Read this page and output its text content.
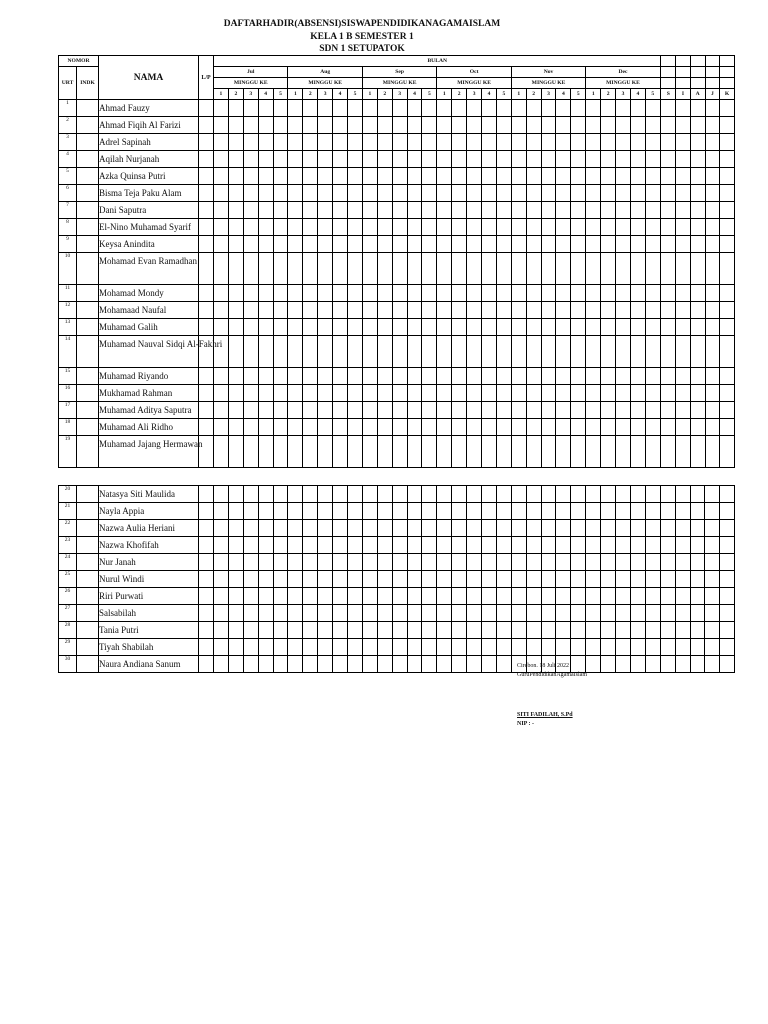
DAFTARHADIR(ABSENSI)SISWAPENDIDIKANAGAMAISLAM
KELA 1 B SEMESTER 1
SDN 1 SETUPATOK
NOMOR		NAMA	L/P	BULAN																																		
URT	INDK			Jul					Aug					Sep					Oct					Nov					Dec									
				MINGGU KE					MINGGU KE					MINGGU KE					MINGGU KE					MINGGU KE					MINGGU KE									
				1	2	3	4	5	1	2	3	4	5	1	2	3	4	5	1	2	3	4	5	1	2	3	4	5	1	2	3	4	5	S	I	A	J	K
1		Ahmad Fauzy																																					
2		Ahmad Fiqih Al Farizi																																					
3		Adrel Sapinah																																					
4		Aqilah Nurjanah																																					
5		Azka Quinsa Putri																																					
6		Bisma Teja Paku Alam																																					
7		Dani Saputra																																					
8		El-Nino Muhamad Syarif																																					
9		Keysa Anindita																																					
10		Mohamad Evan Ramadhan																																					
11		Mohamad Mondy																																					
12		Mohamaad Naufal																																					
13		Muhamad Galih																																					
14		Muhamad Nauval Sidqi Al-Fakhri																																					
15		Muhamad Riyando																																					
16		Mukhamad Rahman																																					
17		Muhamad Aditya Saputra																																					
18		Muhamad Ali Ridho																																					
19		Muhamad Jajang Hermawan																																					
20		Natasya Siti Maulida																																					
21		Nayla Appia																																					
22		Nazwa Aulia Heriani																																					
23		Nazwa Khofifah																																					
24		Nur Janah																																					
25		Nurul Windi																																					
26		Riri Purwati																																					
27		Salsabilah																																					
28		Tania Putri																																					
29		Tiyah Shabilah																																					
30		Naura Andiana Sanum																																						Cirebon. 18 Juli 2022
GuruPendidikanAgamaIslam
SITI FADILAH, S.Pd
NIP : -
